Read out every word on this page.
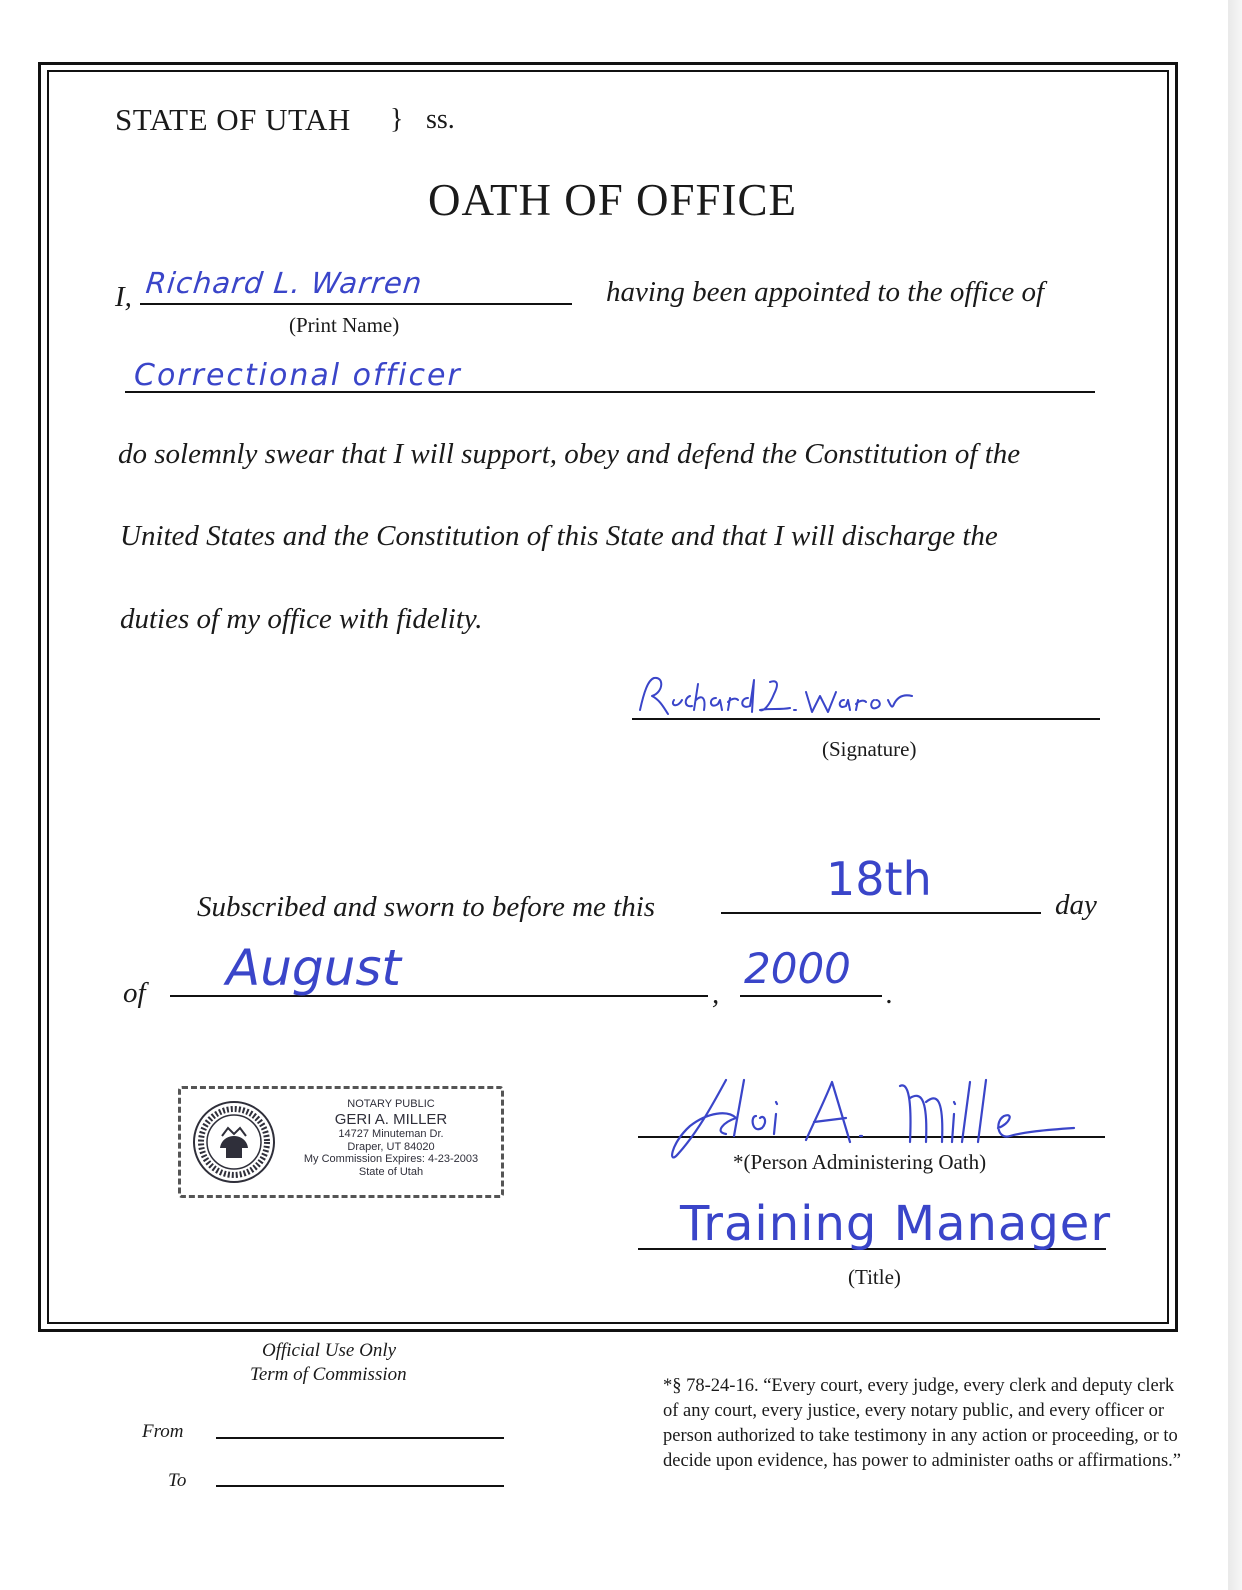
STATE OF UTAH } ss.
OATH OF OFFICE
I, Richard L. Warren
(Print Name)
having been appointed to the office of
Correctional officer
do solemnly swear that I will support, obey and defend the Constitution of the
United States and the Constitution of this State and that I will discharge the
duties of my office with fidelity.
(Signature)
Subscribed and sworn to before me this
18th	day
of August	,
2000
.
NOTARY PUBLIC
GERI A. MILLER
14727 Minuteman Dr.
Draper, UT 84020
My Commission Expires: 4-23-2003
State of Utah	*(Person Administering Oath)
Training Manager
(Title)
Official Use Only
Term of Commission
From
To
*§ 78-24-16. “Every court, every judge, every clerk and deputy clerk of any court, every justice, every notary public, and every officer or person authorized to take testimony in any action or proceeding, or to decide upon evidence, has power to administer oaths or affirmations.”
